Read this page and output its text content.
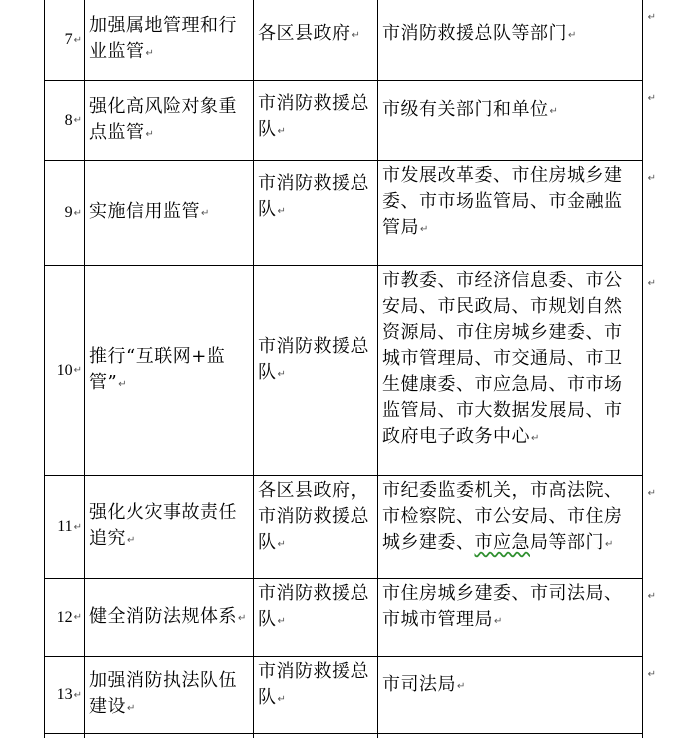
7 ↵
加强属地管理和行业监管↵
各区县政府↵	市消防救援总队等部门↵
↵
8 ↵
强化高风险对象重点监管↵
市消防救援总队↵
市级有关部门和单位↵
↵
9 ↵ 实施信用监管↵
市消防救援总队↵
市发展改革委、市住房城乡建委、市市场监管局、市金融监管局↵
↵
10 ↵
推行“互联网+监管”↵
市消防救援总队↵
市教委、市经济信息委、市公安局、市民政局、市规划自然资源局、市住房城乡建委、市城市管理局、市交通局、市卫生健康委、市应急局、市市场监管局、市大数据发展局、市政府电子政务中心↵
↵
11 ↵
强化火灾事故责任追究↵
各区县政府，市消防救援总队↵
市纪委监委机关，市高法院、市检察院、市公安局、市住房城乡建委、市应急局等部门↵
↵
12 ↵ 健全消防法规体系↵
市消防救援总队↵
市住房城乡建委、市司法局、市城市管理局↵
↵
13 ↵
加强消防执法队伍建设↵
市消防救援总队↵
市司法局↵
↵
